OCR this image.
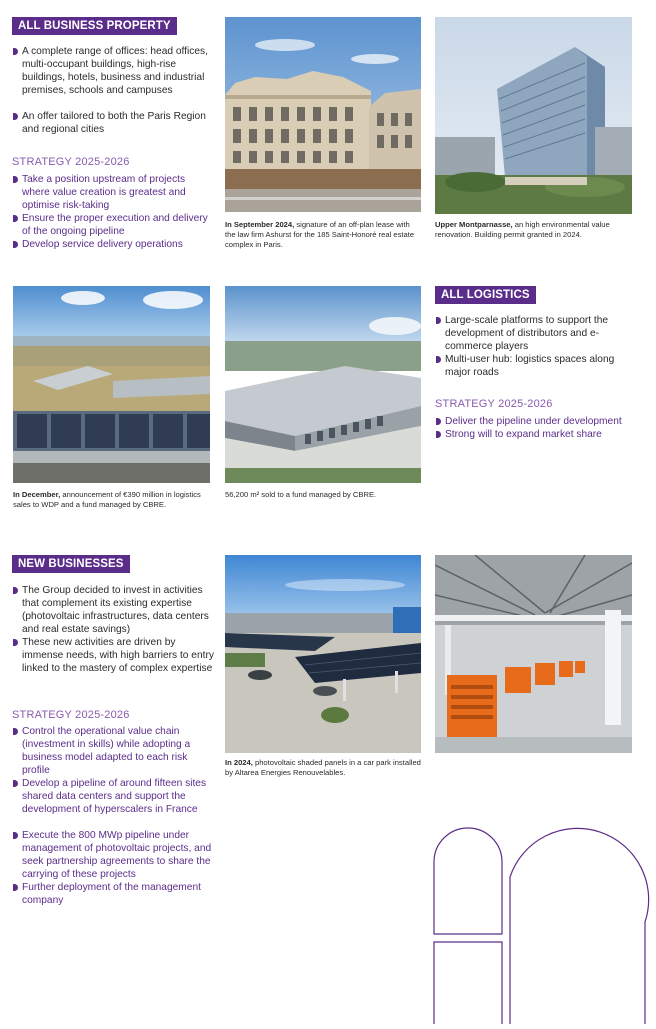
ALL BUSINESS PROPERTY
A complete range of offices: head offices, multi-occupant buildings, high-rise buildings, hotels, business and industrial premises, schools and campuses
An offer tailored to both the Paris Region and regional cities
STRATEGY 2025-2026
Take a position upstream of projects where value creation is greatest and optimise risk-taking
Ensure the proper execution and delivery of the ongoing pipeline
Develop service delivery operations
In September 2024, signature of an off-plan lease with the law firm Ashurst for the 185 Saint-Honoré real estate complex in Paris.
Upper Montparnasse, an high environmental value renovation. Building permit granted in 2024.
In December, announcement of €390 million in logistics sales to WDP and a fund managed by CBRE.
56,200 m² sold to a fund managed by CBRE.
ALL LOGISTICS
Large-scale platforms to support the development of distributors and e-commerce players
Multi-user hub: logistics spaces along major roads
STRATEGY 2025-2026
Deliver the pipeline under development
Strong will to expand market share
NEW BUSINESSES
The Group decided to invest in activities that complement its existing expertise (photovoltaic infrastructures, data centers and real estate savings)
These new activities are driven by immense needs, with high barriers to entry linked to the mastery of complex expertise
STRATEGY 2025-2026
Control the operational value chain (investment in skills) while adopting a business model adapted to each risk profile
Develop a pipeline of around fifteen sites shared data centers and support the development of hyperscalers in France
Execute the 800 MWp pipeline under management of photovoltaic projects, and seek partnership agreements to share the carrying of these projects
Further deployment of the management company
In 2024, photovoltaic shaded panels in a car park installed by Altarea Energies Renouvelables.
